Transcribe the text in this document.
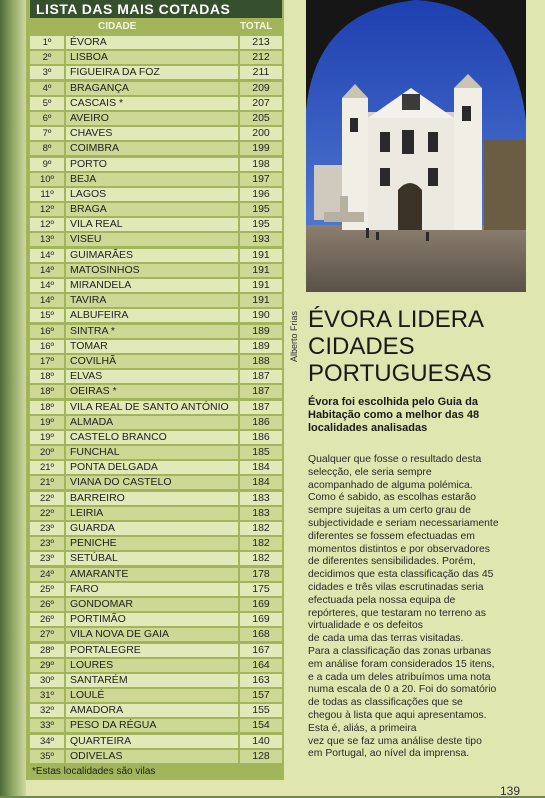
LISTA DAS MAIS COTADAS
CIDADE	TOTAL
1º	ÉVORA	213
2º	LISBOA	212
3º	FIGUEIRA DA FOZ	211
4º	BRAGANÇA	209
5º	CASCAIS *	207
6º	AVEIRO	205
7º	CHAVES	200
8º	COIMBRA	199
9º	PORTO	198
10º	BEJA	197
11º	LAGOS	196
12º	BRAGA	195
12º	VILA REAL	195
13º	VISEU	193
14º	GUIMARÃES	191
14º	MATOSINHOS	191
14º	MIRANDELA	191
14º	TAVIRA	191
15º	ALBUFEIRA	190
16º	SINTRA *	189
16º	TOMAR	189
17º	COVILHÃ	188
18º	ELVAS	187
18º	OEIRAS *	187
18º	VILA REAL DE SANTO ANTÓNIO	187
19º	ALMADA	186
19º	CASTELO BRANCO	186
20º	FUNCHAL	185
21º	PONTA DELGADA	184
21º	VIANA DO CASTELO	184
22º	BARREIRO	183
22º	LEIRIA	183
23º	GUARDA	182
23º	PENICHE	182
23º	SETÚBAL	182
24º	AMARANTE	178
25º	FARO	175
26º	GONDOMAR	169
26º	PORTIMÃO	169
27º	VILA NOVA DE GAIA	168
28º	PORTALEGRE	167
29º	LOURES	164
30º	SANTARÉM	163
31º	LOULÉ	157
32º	AMADORA	155
33º	PESO DA RÉGUA	154
34º	QUARTEIRA	140
35º	ODIVELAS	128
*Estas localidades são vilas
Alberto Frias ÉVORA LIDERA
CIDADES
PORTUGUESAS
Évora foi escolhida pelo Guia da Habitação como a melhor das 48 localidades analisadas
Qualquer que fosse o resultado desta
selecção, ele seria sempre
acompanhado de alguma polémica.
Como é sabido, as escolhas estarão
sempre sujeitas a um certo grau de
subjectividade e seriam necessariamente
diferentes se fossem efectuadas em
momentos distintos e por observadores
de diferentes sensibilidades. Porém,
decidimos que esta classificação das 45
cidades e três vilas escrutinadas seria
efectuada pela nossa equipa de
repórteres, que testaram no terreno as
virtualidade e os defeitos
de cada uma das terras visitadas.
Para a classificação das zonas urbanas
em análise foram considerados 15 itens,
e a cada um deles atribuímos uma nota
numa escala de 0 a 20. Foi do somatório
de todas as classificações que se
chegou à lista que aqui apresentamos.
Esta é, aliás, a primeira
vez que se faz uma análise deste tipo
em Portugal, ao nível da imprensa.
139
